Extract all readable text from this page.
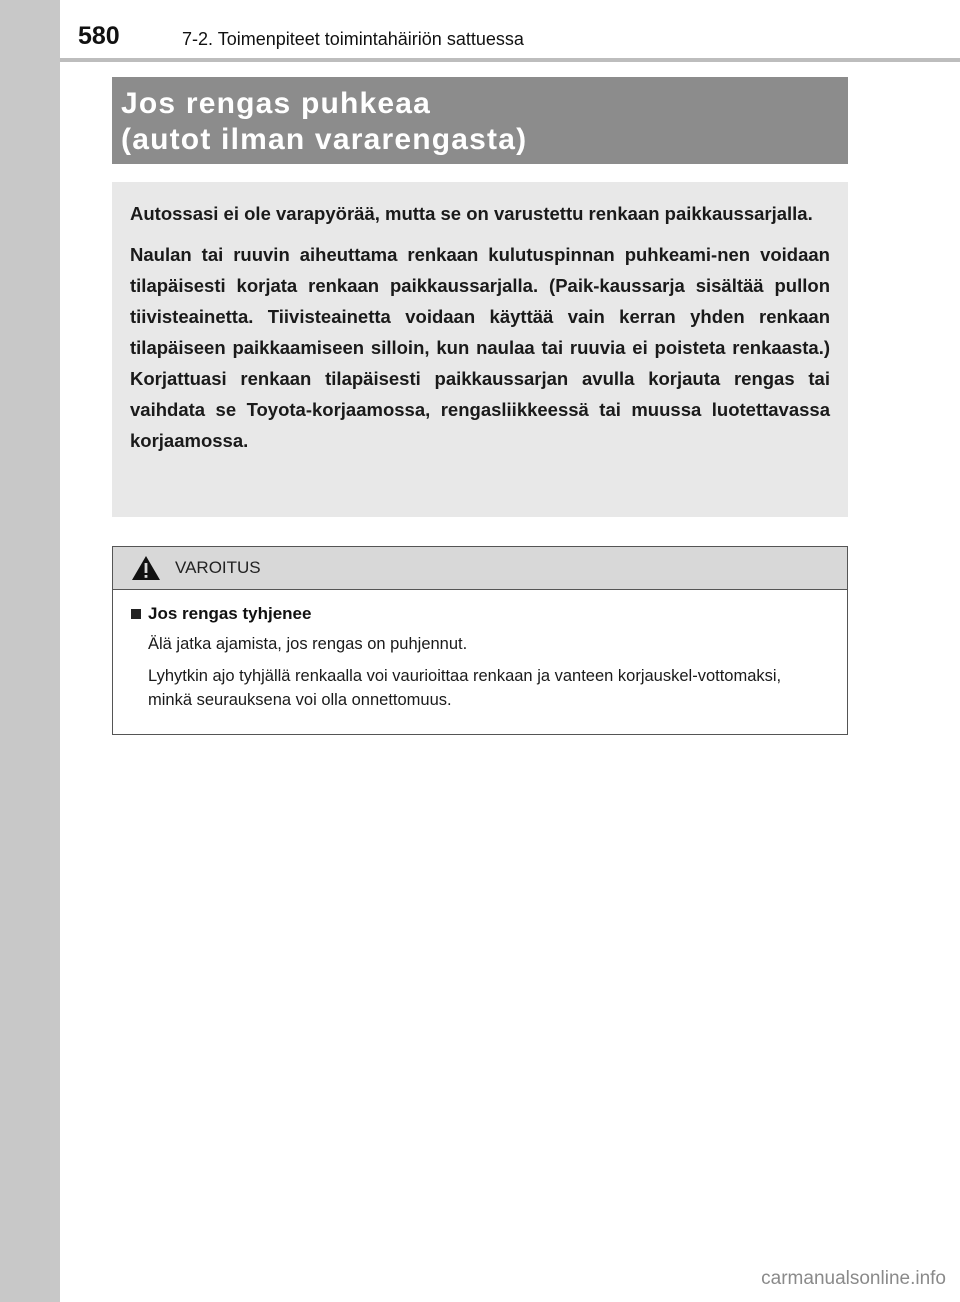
580	7-2. Toimenpiteet toimintahäiriön sattuessa
Jos rengas puhkeaa
(autot ilman vararengasta)

Autossasi ei ole varapyörää, mutta se on varustettu renkaan paikkaussarjalla.

Naulan tai ruuvin aiheuttama renkaan kulutuspinnan puhkeami-nen voidaan tilapäisesti korjata renkaan paikkaussarjalla. (Paik-kaussarja sisältää pullon tiivisteainetta. Tiivisteainetta voidaan käyttää vain kerran yhden renkaan tilapäiseen paikkaamiseen silloin, kun naulaa tai ruuvia ei poisteta renkaasta.) Korjattuasi renkaan tilapäisesti paikkaussarjan avulla korjauta rengas tai vaihdata se Toyota-korjaamossa, rengasliikkeessä tai muussa luotettavassa korjaamossa.

VAROITUS
Jos rengas tyhjenee

Älä jatka ajamista, jos rengas on puhjennut.

Lyhytkin ajo tyhjällä renkaalla voi vaurioittaa renkaan ja vanteen korjauskel-vottomaksi, minkä seurauksena voi olla onnettomuus.

carmanualsonline.info
